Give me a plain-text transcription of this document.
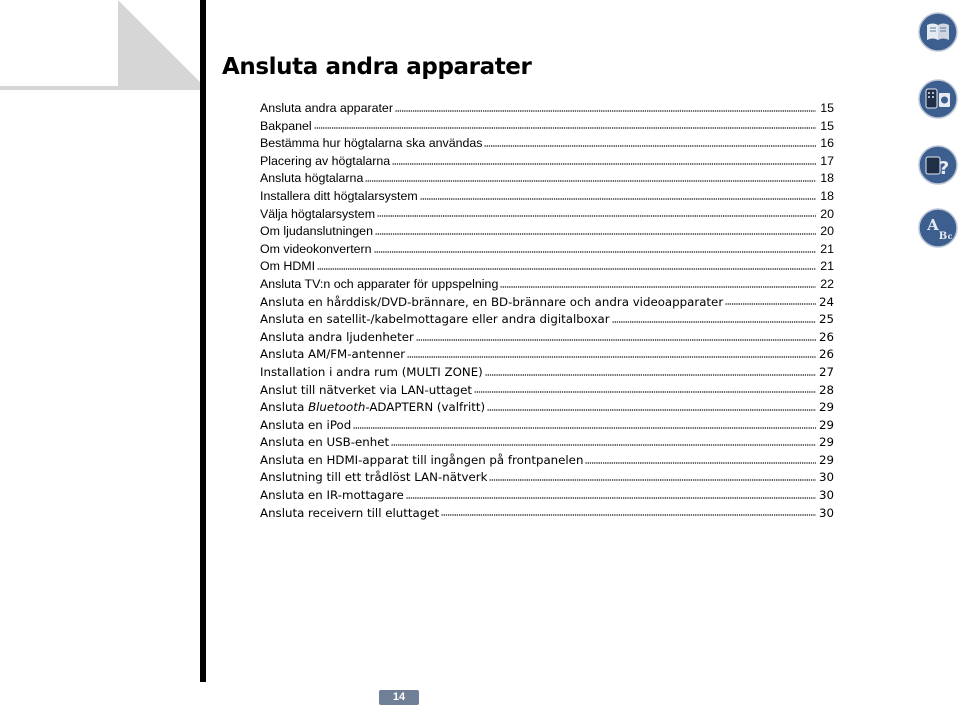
Ansluta andra apparater
Ansluta andra apparater	15
Bakpanel	15
Bestämma hur högtalarna ska användas	16
Placering av högtalarna	17
Ansluta högtalarna	18
Installera ditt högtalarsystem	18
Välja högtalarsystem	20
Om ljudanslutningen	20
Om videokonvertern	21
Om HDMI	21
Ansluta TV:n och apparater för uppspelning	22
Ansluta en hårddisk/DVD-brännare, en BD-brännare och andra videoapparater	24
Ansluta en satellit-/kabelmottagare eller andra digitalboxar	25
Ansluta andra ljudenheter	26
Ansluta AM/FM-antenner	26
Installation i andra rum (MULTI ZONE)	27
Anslut till nätverket via LAN-uttaget	28
Ansluta Bluetooth-ADAPTERN (valfritt)	29
Ansluta en iPod	29
Ansluta en USB-enhet	29
Ansluta en HDMI-apparat till ingången på frontpanelen	29
Anslutning till ett trådlöst LAN-nätverk	30
Ansluta en IR-mottagare	30
Ansluta receivern till eluttaget	30
?
A
B c
14
